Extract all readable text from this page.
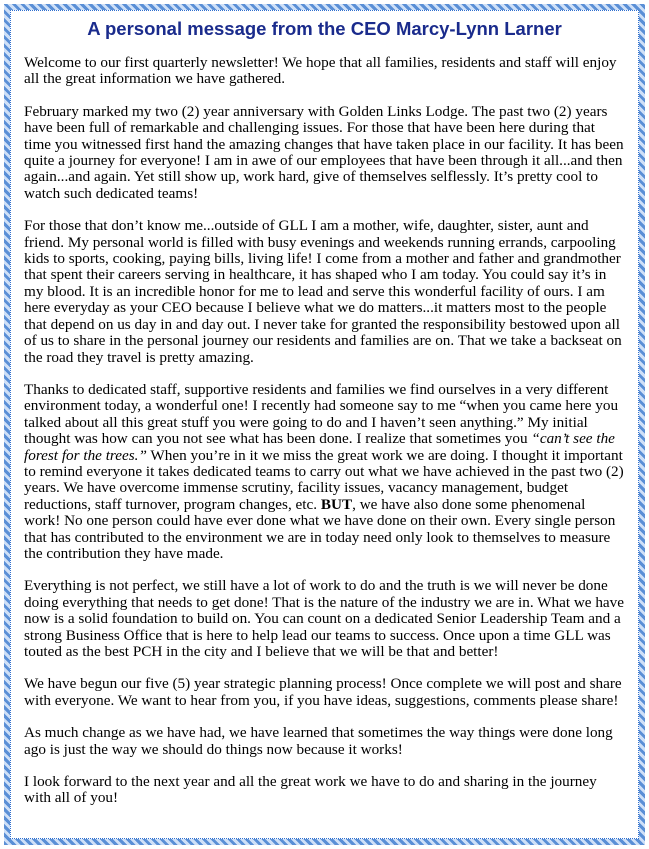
A personal message from the CEO Marcy-Lynn Larner

Welcome to our first quarterly newsletter! We hope that all families, residents and staff will enjoy all the great information we have gathered.

February marked my two (2) year anniversary with Golden Links Lodge. The past two (2) years have been full of remarkable and challenging issues. For those that have been here during that time you witnessed first hand the amazing changes that have taken place in our facility. It has been quite a journey for everyone! I am in awe of our employees that have been through it all...and then again...and again. Yet still show up, work hard, give of themselves selflessly. It’s pretty cool to watch such dedicated teams!

For those that don’t know me...outside of GLL I am a mother, wife, daughter, sister, aunt and friend. My personal world is filled with busy evenings and weekends running errands, carpooling kids to sports, cooking, paying bills, living life! I come from a mother and father and grandmother that spent their careers serving in healthcare, it has shaped who I am today. You could say it’s in my blood. It is an incredible honor for me to lead and serve this wonderful facility of ours. I am here everyday as your CEO because I believe what we do matters...it matters most to the people that depend on us day in and day out. I never take for granted the responsibility bestowed upon all of us to share in the personal journey our residents and families are on. That we take a backseat on the road they travel is pretty amazing.

Thanks to dedicated staff, supportive residents and families we find ourselves in a very different environment today, a wonderful one! I recently had someone say to me “when you came here you talked about all this great stuff you were going to do and I haven’t seen anything.” My initial thought was how can you not see what has been done. I realize that sometimes you “can’t see the forest for the trees.” When you’re in it we miss the great work we are doing. I thought it important to remind everyone it takes dedicated teams to carry out what we have achieved in the past two (2) years. We have overcome immense scrutiny, facility issues, vacancy management, budget reductions, staff turnover, program changes, etc. BUT, we have also done some phenomenal work! No one person could have ever done what we have done on their own. Every single person that has contributed to the environment we are in today need only look to themselves to measure the contribution they have made.

Everything is not perfect, we still have a lot of work to do and the truth is we will never be done doing everything that needs to get done! That is the nature of the industry we are in. What we have now is a solid foundation to build on. You can count on a dedicated Senior Leadership Team and a strong Business Office that is here to help lead our teams to success. Once upon a time GLL was touted as the best PCH in the city and I believe that we will be that and better!

We have begun our five (5) year strategic planning process! Once complete we will post and share with everyone. We want to hear from you, if you have ideas, suggestions, comments please share!

As much change as we have had, we have learned that sometimes the way things were done long ago is just the way we should do things now because it works!

I look forward to the next year and all the great work we have to do and sharing in the journey with all of you!
